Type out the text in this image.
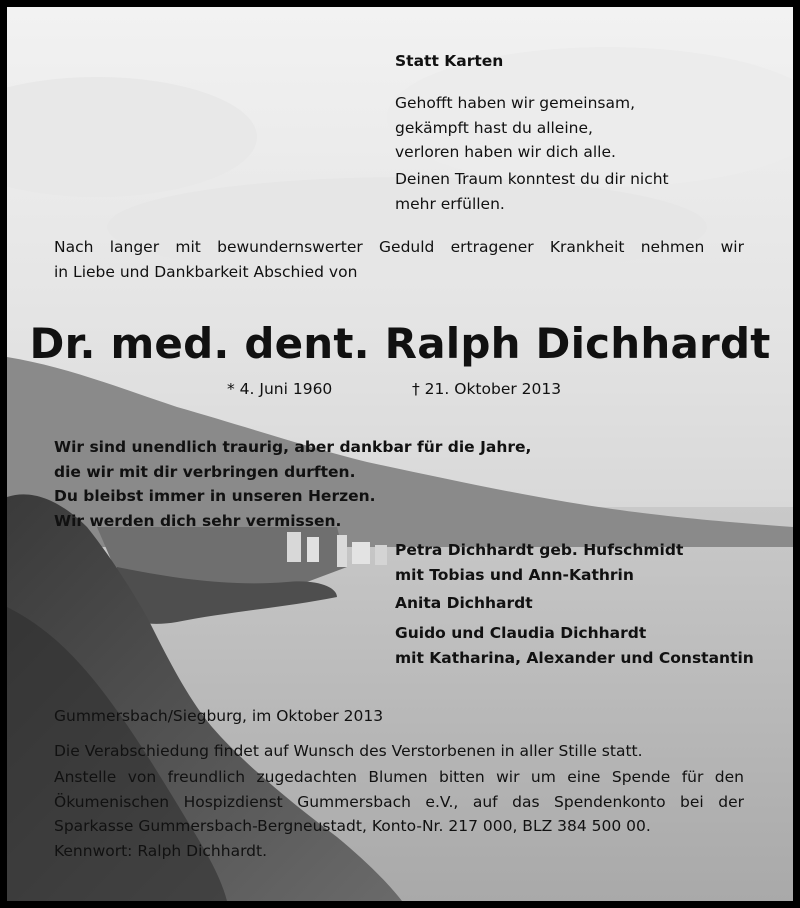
Statt Karten

Gehofft haben wir gemeinsam,
gekämpft hast du alleine,
verloren haben wir dich alle.
Deinen Traum konntest du dir nicht
mehr erfüllen.
Nach langer mit bewundernswerter Geduld ertragener Krankheit nehmen wir
in Liebe und Dankbarkeit Abschied von
Dr. med. dent. Ralph Dichhardt

* 4. Juni 1960	† 21. Oktober 2013

Wir sind unendlich traurig, aber dankbar für die Jahre,
die wir mit dir verbringen durften.
Du bleibst immer in unseren Herzen.
Wir werden dich sehr vermissen.
Petra Dichhardt geb. Hufschmidt
mit Tobias und Ann-Kathrin
Anita Dichhardt
Guido und Claudia Dichhardt
mit Katharina, Alexander und Constantin

Gummersbach/Siegburg, im Oktober 2013

Die Verabschiedung findet auf Wunsch des Verstorbenen in aller Stille statt.

Anstelle von freundlich zugedachten Blumen bitten wir um eine Spende für den
Ökumenischen Hospizdienst Gummersbach e.V., auf das Spendenkonto bei der
Sparkasse Gummersbach-Bergneustadt, Konto-Nr. 217 000, BLZ 384 500 00.
Kennwort: Ralph Dichhardt.
